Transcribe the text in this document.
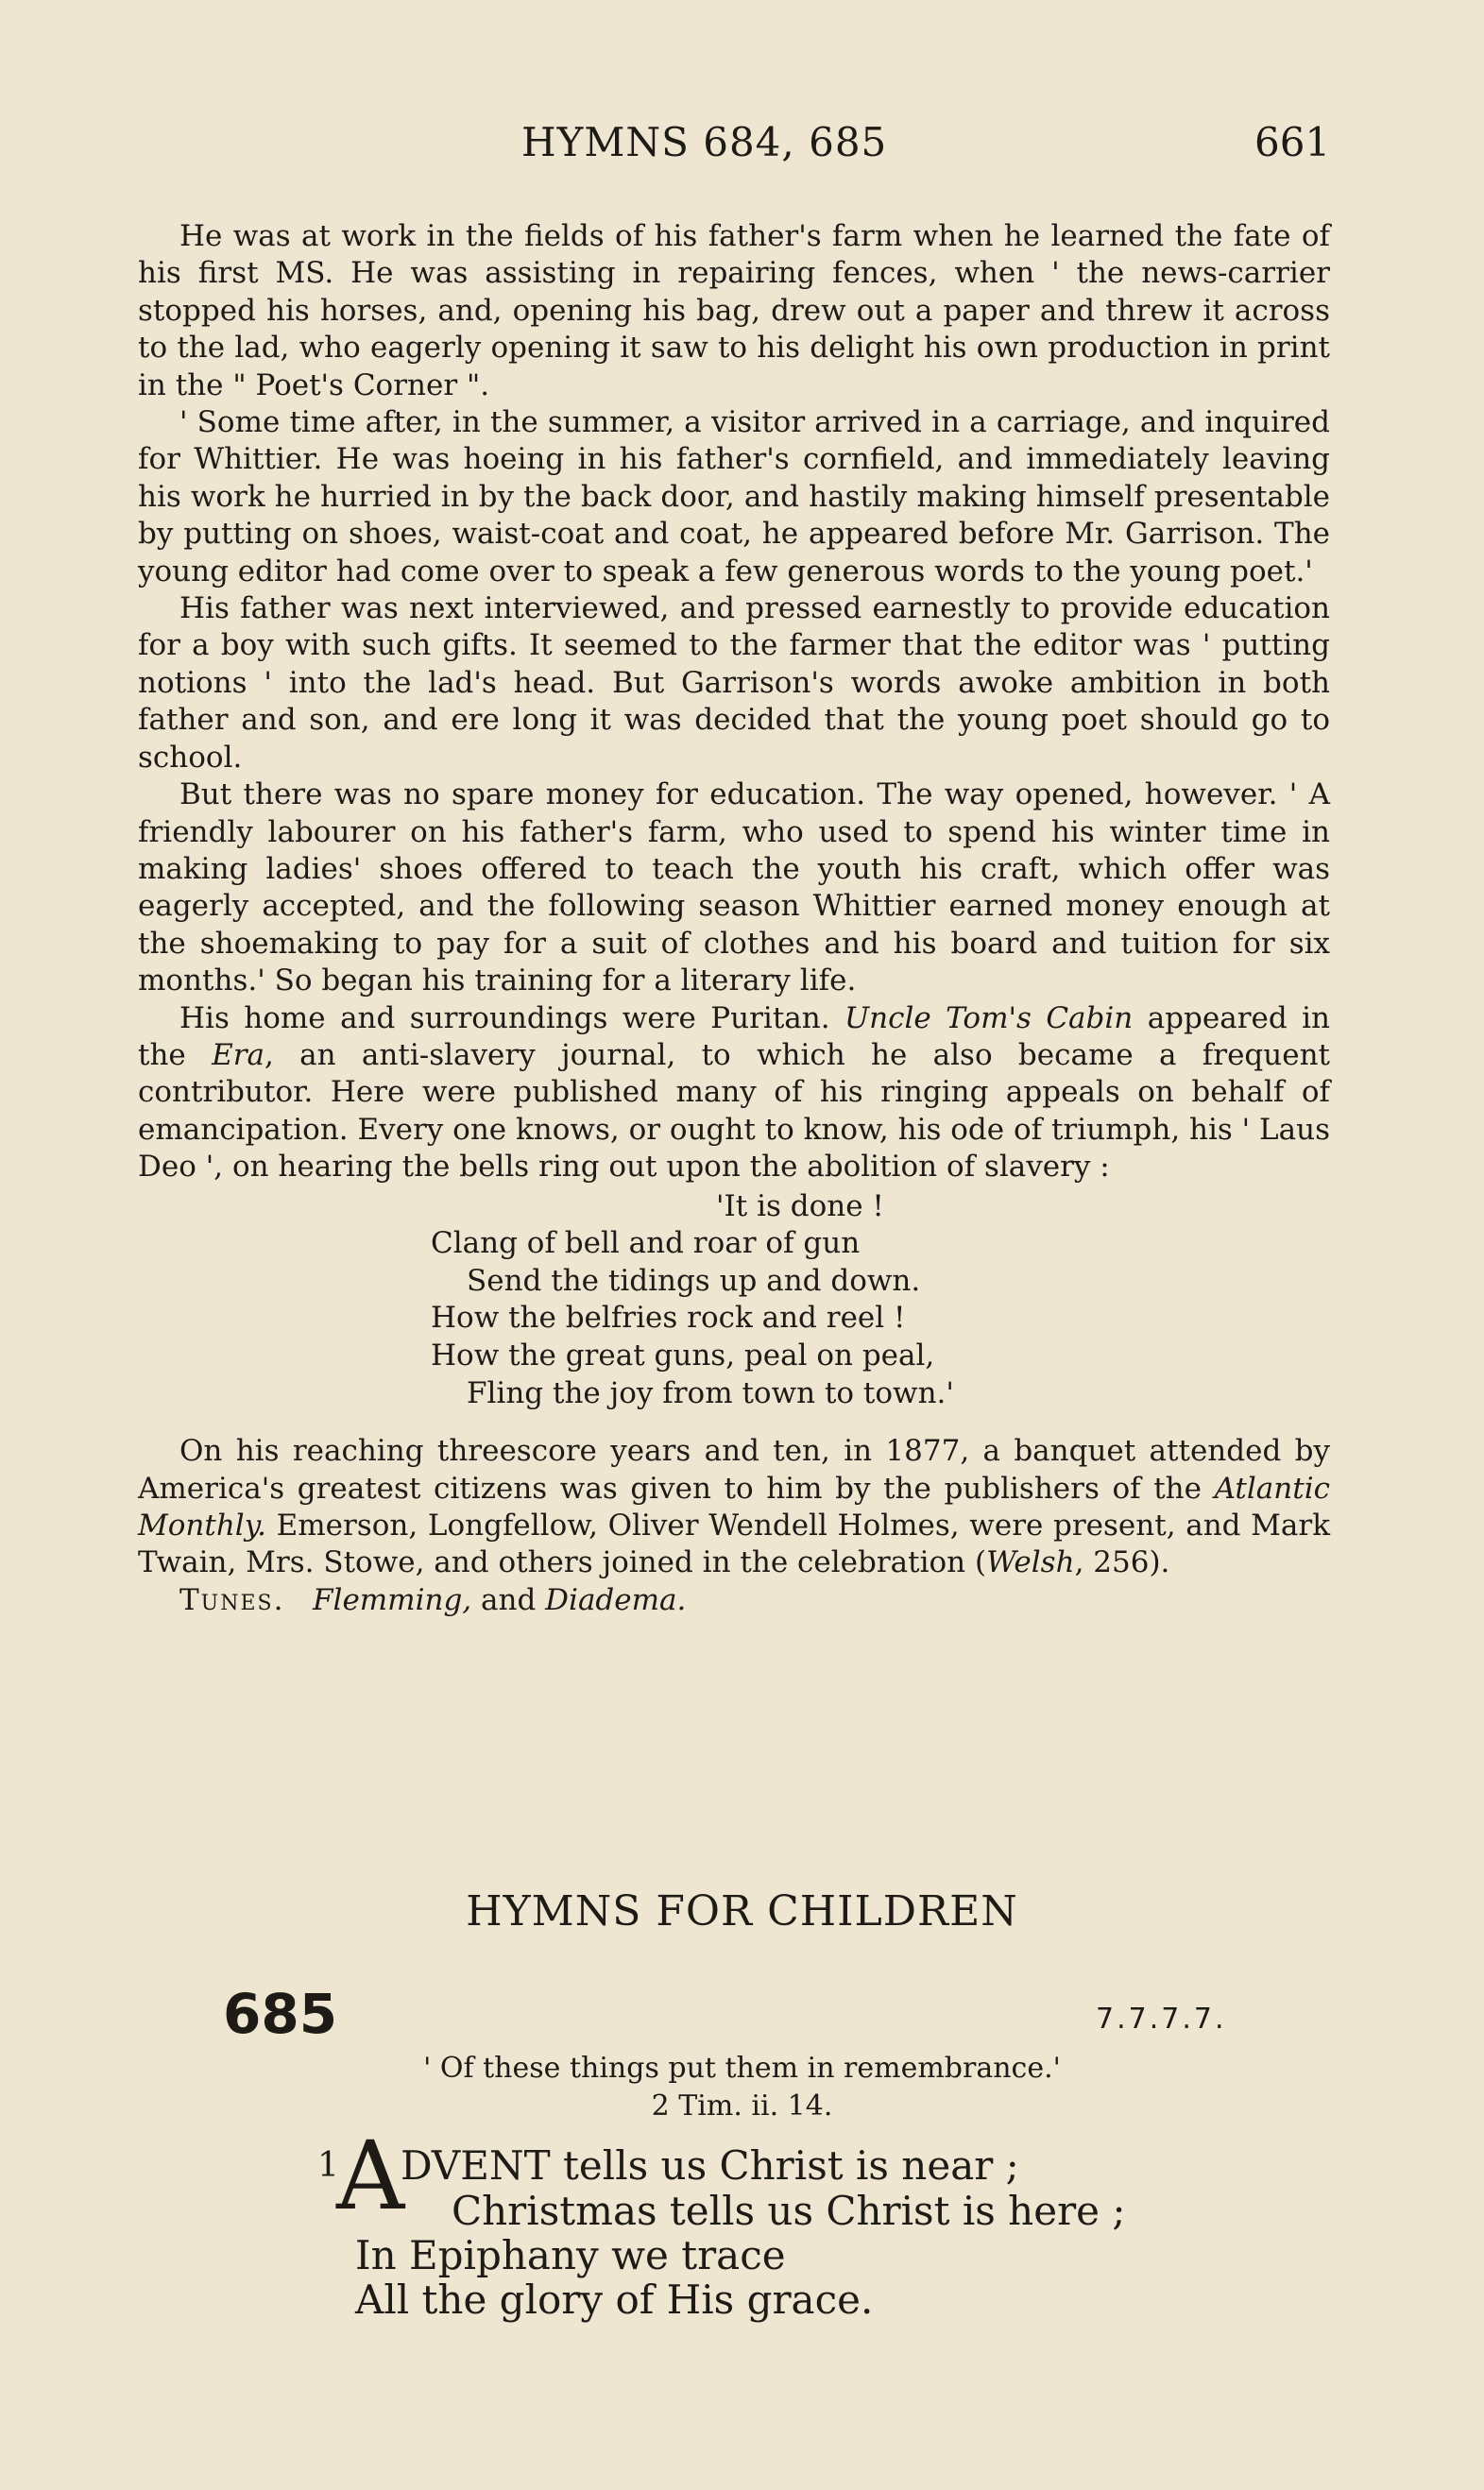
HYMNS 684, 685	661

He was at work in the fields of his father's farm when he learned the fate of his first MS. He was assisting in repairing fences, when ' the news-carrier stopped his horses, and, opening his bag, drew out a paper and threw it across to the lad, who eagerly opening it saw to his delight his own production in print in the " Poet's Corner ".

' Some time after, in the summer, a visitor arrived in a carriage, and inquired for Whittier. He was hoeing in his father's cornfield, and immediately leaving his work he hurried in by the back door, and hastily making himself presentable by putting on shoes, waist-coat and coat, he appeared before Mr. Garrison. The young editor had come over to speak a few generous words to the young poet.'

His father was next interviewed, and pressed earnestly to provide education for a boy with such gifts. It seemed to the farmer that the editor was ' putting notions ' into the lad's head. But Garrison's words awoke ambition in both father and son, and ere long it was decided that the young poet should go to school.

But there was no spare money for education. The way opened, however. ' A friendly labourer on his father's farm, who used to spend his winter time in making ladies' shoes offered to teach the youth his craft, which offer was eagerly accepted, and the following season Whittier earned money enough at the shoemaking to pay for a suit of clothes and his board and tuition for six months.' So began his training for a literary life.

His home and surroundings were Puritan. Uncle Tom's Cabin appeared in the Era, an anti-slavery journal, to which he also became a frequent contributor. Here were published many of his ringing appeals on behalf of emancipation. Every one knows, or ought to know, his ode of triumph, his ' Laus Deo ', on hearing the bells ring out upon the abolition of slavery :

'It is done !
Clang of bell and roar of gun
Send the tidings up and down.
How the belfries rock and reel !
How the great guns, peal on peal,
Fling the joy from town to town.'

On his reaching threescore years and ten, in 1877, a banquet attended by America's greatest citizens was given to him by the publishers of the Atlantic Monthly. Emerson, Longfellow, Oliver Wendell Holmes, were present, and Mark Twain, Mrs. Stowe, and others joined in the celebration (Welsh, 256).

Tunes. Flemming, and Diadema.

HYMNS FOR CHILDREN
685	7.7.7.7.
' Of these things put them in remembrance.'
2 Tim. ii. 14.
1
A
DVENT tells us Christ is near ;
Christmas tells us Christ is here ;
In Epiphany we trace
All the glory of His grace.
